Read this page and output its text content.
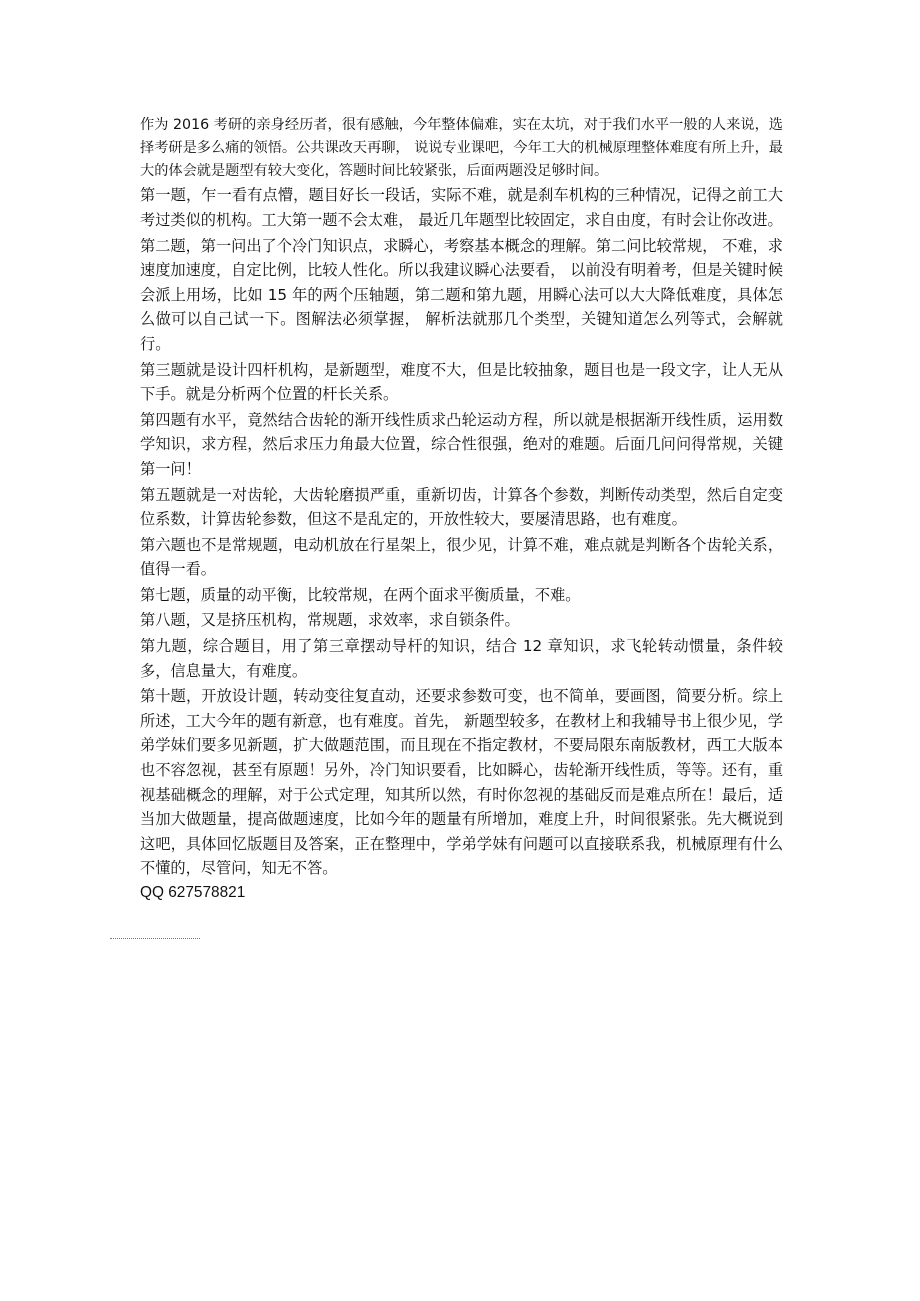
作为 2016 考研的亲身经历者，很有感触，今年整体偏难，实在太坑，对于我们水平一般的人来说，选择考研是多么痛的领悟。公共课改天再聊， 说说专业课吧，今年工大的机械原理整体难度有所上升，最大的体会就是题型有较大变化，答题时间比较紧张，后面两题没足够时间。

第一题，乍一看有点懵，题目好长一段话，实际不难，就是刹车机构的三种情况，记得之前工大考过类似的机构。工大第一题不会太难， 最近几年题型比较固定，求自由度，有时会让你改进。

第二题，第一问出了个冷门知识点，求瞬心，考察基本概念的理解。第二问比较常规， 不难，求速度加速度，自定比例，比较人性化。所以我建议瞬心法要看， 以前没有明着考，但是关键时候会派上用场，比如 15 年的两个压轴题，第二题和第九题，用瞬心法可以大大降低难度，具体怎么做可以自己试一下。图解法必须掌握， 解析法就那几个类型，关键知道怎么列等式，会解就行。

第三题就是设计四杆机构，是新题型，难度不大，但是比较抽象，题目也是一段文字，让人无从下手。就是分析两个位置的杆长关系。

第四题有水平，竟然结合齿轮的渐开线性质求凸轮运动方程，所以就是根据渐开线性质，运用数学知识，求方程，然后求压力角最大位置，综合性很强，绝对的难题。后面几问问得常规，关键第一问！

第五题就是一对齿轮，大齿轮磨损严重，重新切齿，计算各个参数，判断传动类型，然后自定变位系数，计算齿轮参数，但这不是乱定的，开放性较大，要屡清思路，也有难度。

第六题也不是常规题，电动机放在行星架上，很少见，计算不难，难点就是判断各个齿轮关系，值得一看。

第七题，质量的动平衡，比较常规，在两个面求平衡质量，不难。

第八题，又是挤压机构，常规题，求效率，求自锁条件。

第九题，综合题目，用了第三章摆动导杆的知识，结合 12 章知识，求飞轮转动惯量，条件较多，信息量大，有难度。

第十题，开放设计题，转动变往复直动，还要求参数可变，也不简单，要画图，简要分析。综上所述，工大今年的题有新意，也有难度。首先， 新题型较多，在教材上和我辅导书上很少见，学弟学妹们要多见新题，扩大做题范围，而且现在不指定教材，不要局限东南版教材，西工大版本也不容忽视，甚至有原题！另外，冷门知识要看，比如瞬心，齿轮渐开线性质，等等。还有，重视基础概念的理解，对于公式定理，知其所以然，有时你忽视的基础反而是难点所在！最后，适当加大做题量，提高做题速度，比如今年的题量有所增加，难度上升，时间很紧张。先大概说到这吧，具体回忆版题目及答案，正在整理中，学弟学妹有问题可以直接联系我，机械原理有什么不懂的，尽管问，知无不答。

QQ 627578821
